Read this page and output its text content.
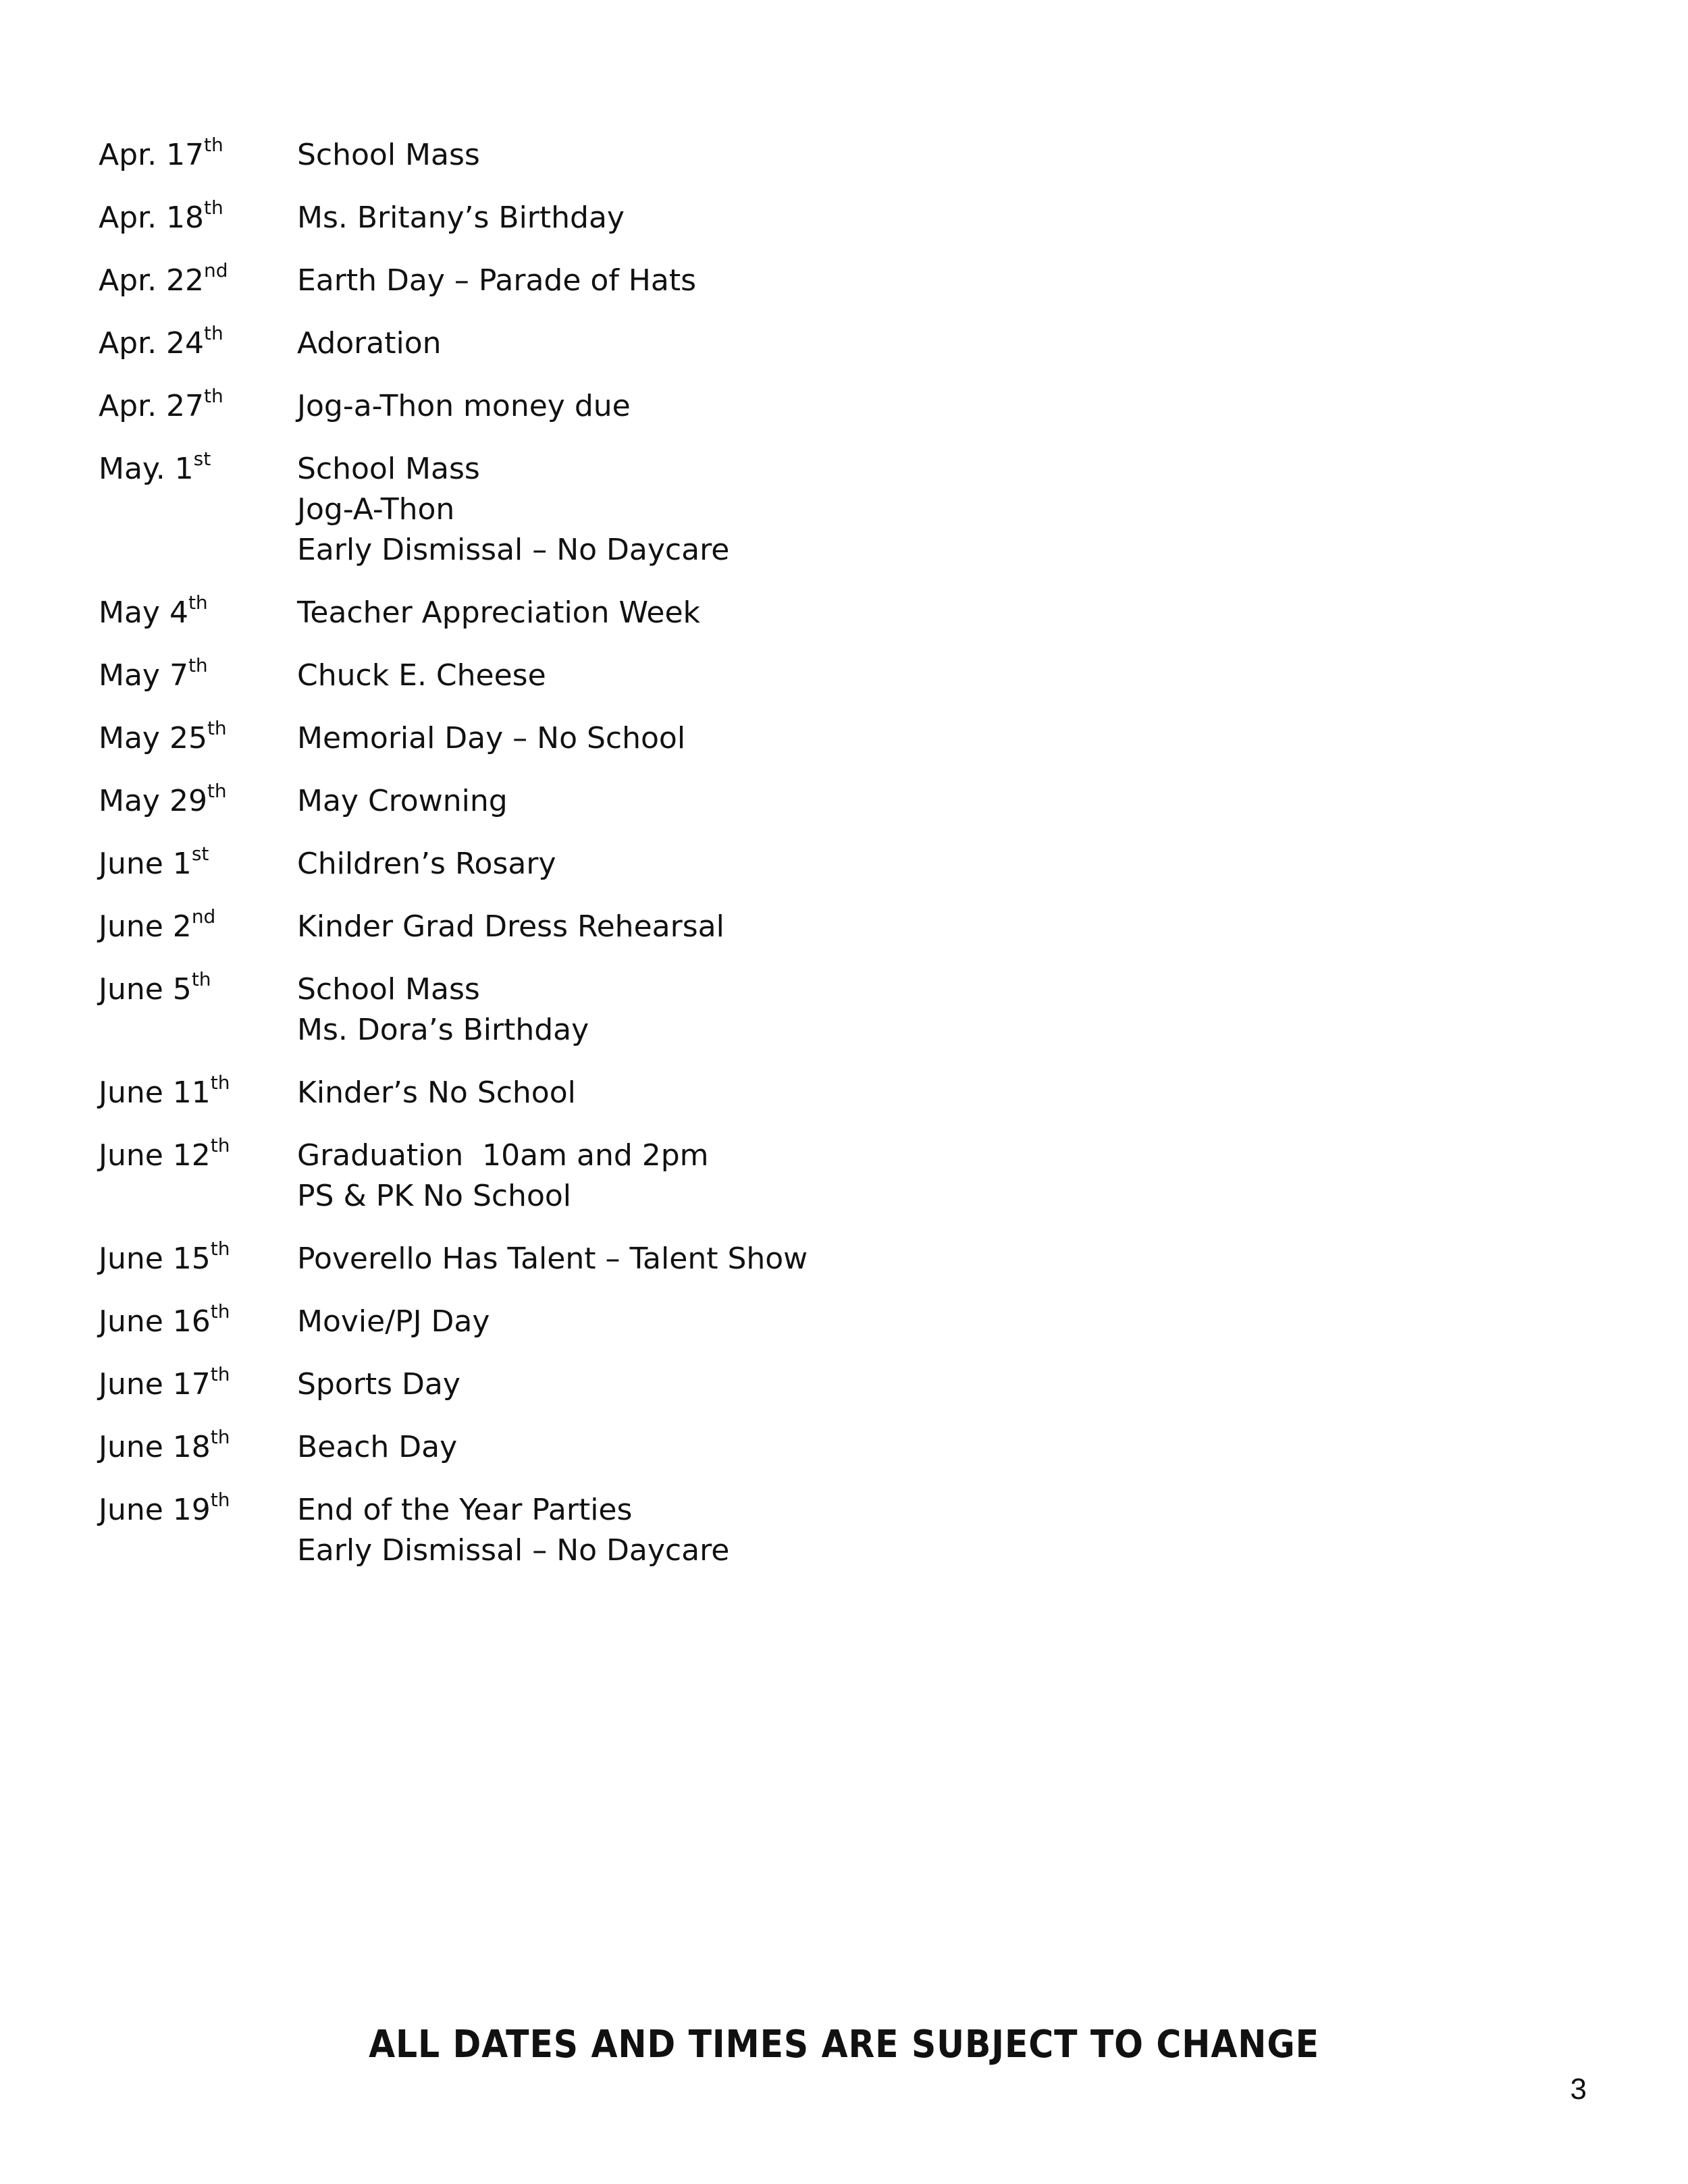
Apr. 17th	School Mass
Apr. 18th	Ms. Britany’s Birthday
Apr. 22nd	Earth Day – Parade of Hats
Apr. 24th	Adoration
Apr. 27th	Jog-a-Thon money due
May. 1st	School Mass
Jog-A-Thon
Early Dismissal – No Daycare
May 4th	Teacher Appreciation Week
May 7th	Chuck E. Cheese
May 25th	Memorial Day – No School
May 29th	May Crowning
June 1st	Children’s Rosary
June 2nd	Kinder Grad Dress Rehearsal
June 5th	School Mass
Ms. Dora’s Birthday
June 11th	Kinder’s No School
June 12th	Graduation  10am and 2pm
PS & PK No School
June 15th	Poverello Has Talent – Talent Show
June 16th	Movie/PJ Day
June 17th	Sports Day
June 18th	Beach Day
June 19th	End of the Year Parties
Early Dismissal – No Daycare
ALL DATES AND TIMES ARE SUBJECT TO CHANGE
3
